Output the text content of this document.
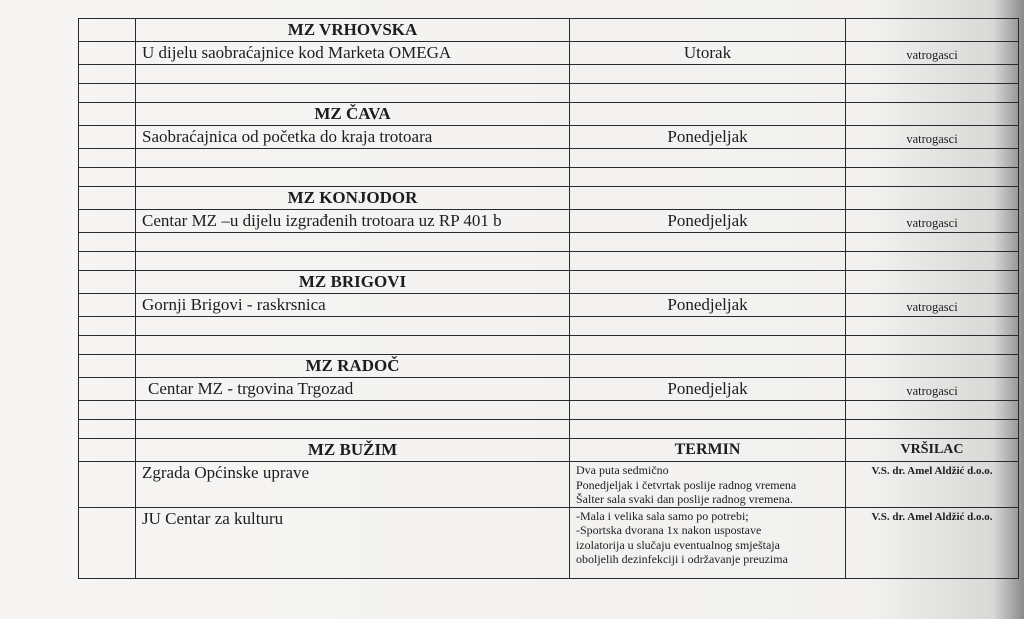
	MZ VRHOVSKA		
	U dijelu saobraćajnice kod Marketa OMEGA	Utorak	vatrogasci

	MZ ČAVA		
	Saobraćajnica od početka do kraja trotoara	Ponedjeljak	vatrogasci

	MZ KONJODOR		
	Centar MZ –u dijelu izgrađenih trotoara uz RP 401 b	Ponedjeljak	vatrogasci

	MZ BRIGOVI		
	Gornji Brigovi - raskrsnica	Ponedjeljak	vatrogasci

	MZ RADOČ		
	Centar MZ - trgovina Trgozad	Ponedjeljak	vatrogasci

	MZ BUŽIM	TERMIN	VRŠILAC
	Zgrada Općinske uprave	Dva puta sedmično
Ponedjeljak i četvrtak poslije radnog vremena
Šalter sala svaki dan poslije radnog vremena.	V.S. dr. Amel Aldžić d.o.o.
	JU Centar za kulturu	-Mala i velika sala samo po potrebi;
-Sportska dvorana 1x nakon uspostave
izolatorija u slučaju eventualnog smještaja
oboljelih dezinfekciji i održavanje preuzima	V.S. dr. Amel Aldžić d.o.o.
